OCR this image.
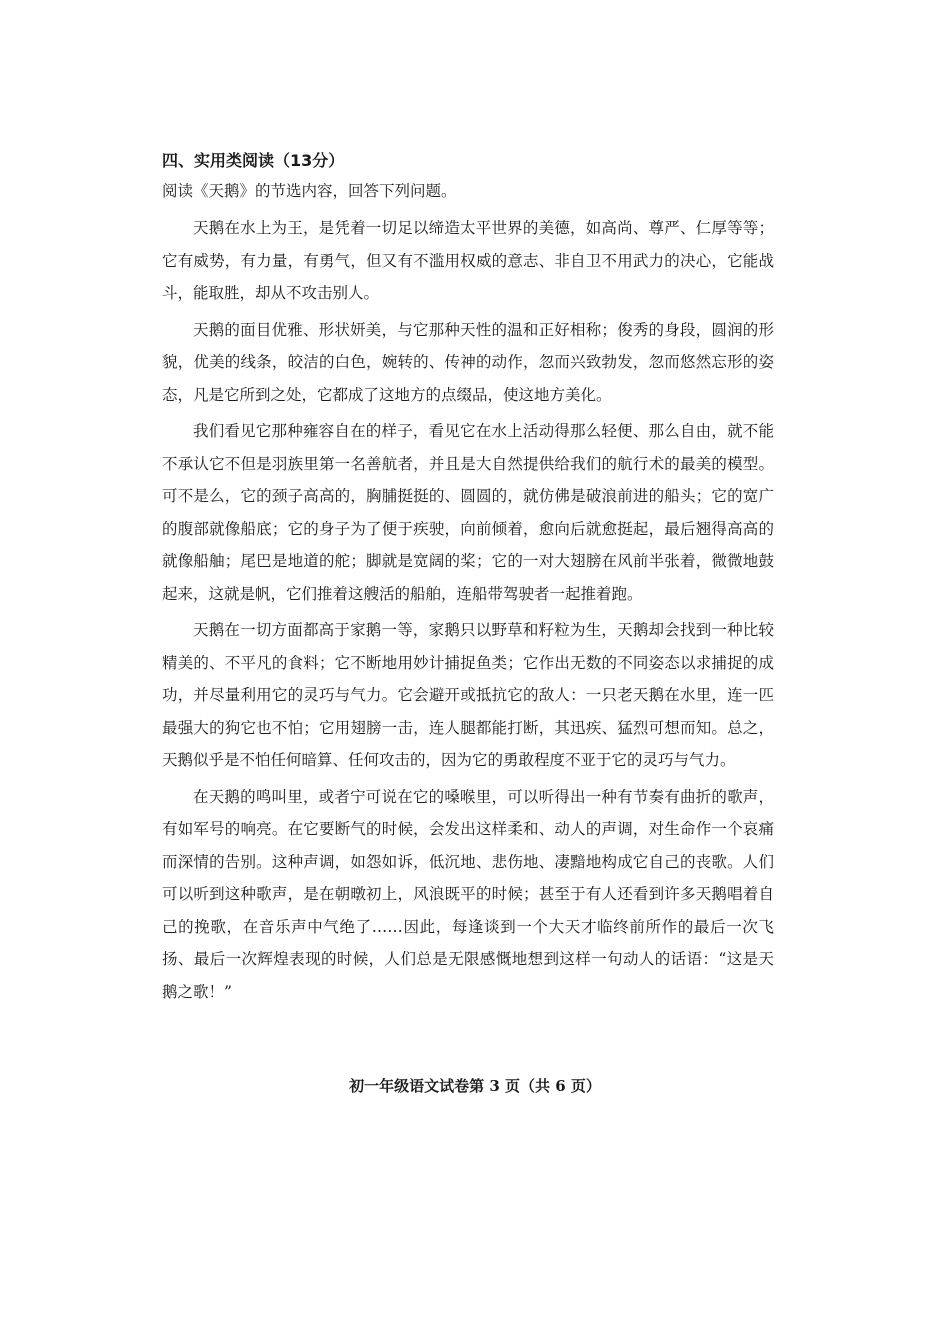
四、实用类阅读（13分）
阅读《天鹅》的节选内容，回答下列问题。

天鹅在水上为王，是凭着一切足以缔造太平世界的美德，如高尚、尊严、仁厚等等；它有威势，有力量，有勇气，但又有不滥用权威的意志、非自卫不用武力的决心，它能战斗，能取胜，却从不攻击别人。

天鹅的面目优雅、形状妍美，与它那种天性的温和正好相称；俊秀的身段，圆润的形貌，优美的线条，皎洁的白色，婉转的、传神的动作，忽而兴致勃发，忽而悠然忘形的姿态，凡是它所到之处，它都成了这地方的点缀品，使这地方美化。

我们看见它那种雍容自在的样子，看见它在水上活动得那么轻便、那么自由，就不能不承认它不但是羽族里第一名善航者，并且是大自然提供给我们的航行术的最美的模型。可不是么，它的颈子高高的，胸脯挺挺的、圆圆的，就仿佛是破浪前进的船头；它的宽广的腹部就像船底；它的身子为了便于疾驶，向前倾着，愈向后就愈挺起，最后翘得高高的就像船舳；尾巴是地道的舵；脚就是宽阔的桨；它的一对大翅膀在风前半张着，微微地鼓起来，这就是帆，它们推着这艘活的船舶，连船带驾驶者一起推着跑。

天鹅在一切方面都高于家鹅一等，家鹅只以野草和籽粒为生，天鹅却会找到一种比较精美的、不平凡的食料；它不断地用妙计捕捉鱼类；它作出无数的不同姿态以求捕捉的成功，并尽量利用它的灵巧与气力。它会避开或抵抗它的敌人：一只老天鹅在水里，连一匹最强大的狗它也不怕；它用翅膀一击，连人腿都能打断，其迅疾、猛烈可想而知。总之，天鹅似乎是不怕任何暗算、任何攻击的，因为它的勇敢程度不亚于它的灵巧与气力。

在天鹅的鸣叫里，或者宁可说在它的嗓喉里，可以听得出一种有节奏有曲折的歌声，有如军号的响亮。在它要断气的时候，会发出这样柔和、动人的声调，对生命作一个哀痛而深情的告别。这种声调，如怨如诉，低沉地、悲伤地、凄黯地构成它自己的丧歌。人们可以听到这种歌声，是在朝暾初上，风浪既平的时候；甚至于有人还看到许多天鹅唱着自己的挽歌，在音乐声中气绝了……因此，每逢谈到一个大天才临终前所作的最后一次飞扬、最后一次辉煌表现的时候，人们总是无限感慨地想到这样一句动人的话语：“这是天鹅之歌！”

初一年级语文试卷第 3 页（共 6 页）
